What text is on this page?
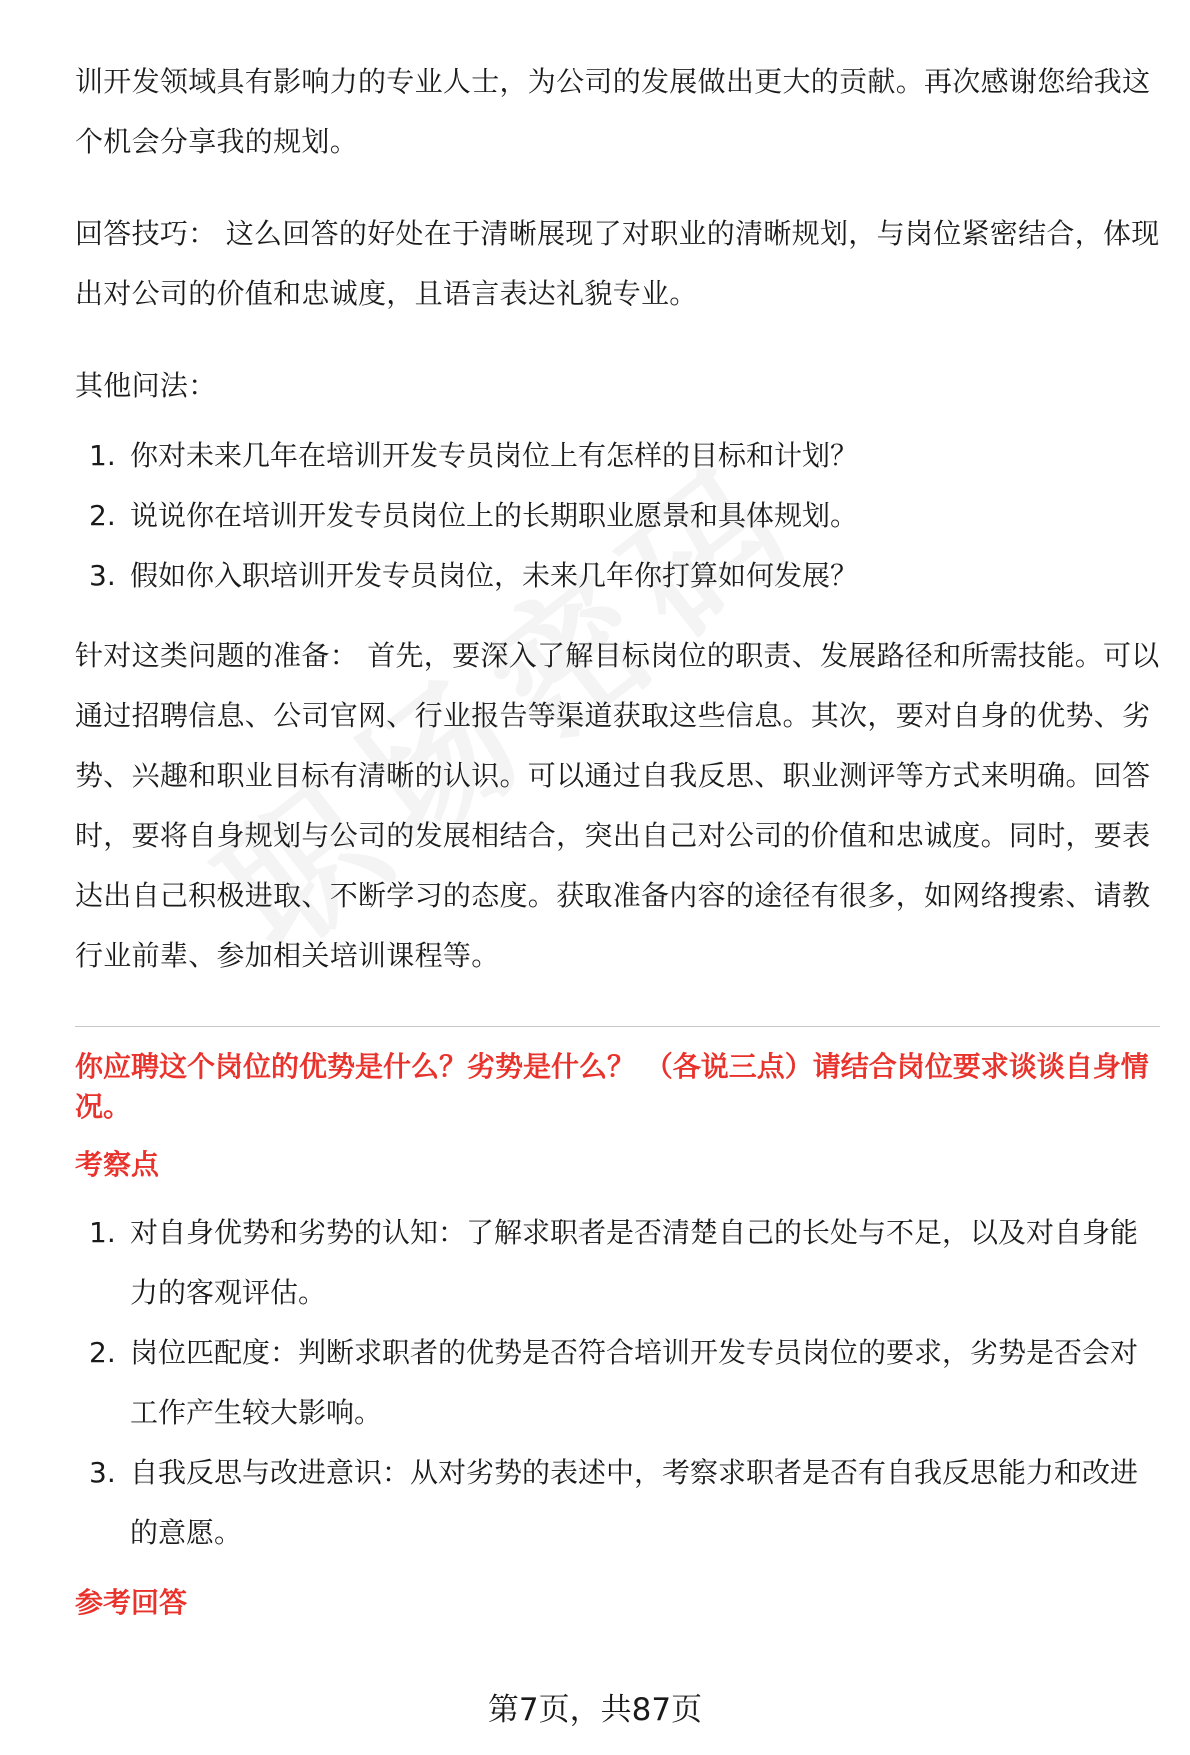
训开发领域具有影响力的专业人士，为公司的发展做出更大的贡献。再次感谢您给我这个机会分享我的规划。

回答技巧： 这么回答的好处在于清晰展现了对职业的清晰规划，与岗位紧密结合，体现出对公司的价值和忠诚度，且语言表达礼貌专业。

其他问法：

1. 你对未来几年在培训开发专员岗位上有怎样的目标和计划？
2. 说说你在培训开发专员岗位上的长期职业愿景和具体规划。
3. 假如你入职培训开发专员岗位，未来几年你打算如何发展？

针对这类问题的准备： 首先，要深入了解目标岗位的职责、发展路径和所需技能。可以通过招聘信息、公司官网、行业报告等渠道获取这些信息。其次，要对自身的优势、劣势、兴趣和职业目标有清晰的认识。可以通过自我反思、职业测评等方式来明确。回答时，要将自身规划与公司的发展相结合，突出自己对公司的价值和忠诚度。同时，要表达出自己积极进取、不断学习的态度。获取准备内容的途径有很多，如网络搜索、请教行业前辈、参加相关培训课程等。

你应聘这个岗位的优势是什么？劣势是什么？ （各说三点）请结合岗位要求谈谈自身情况。

考察点

1. 对自身优势和劣势的认知：了解求职者是否清楚自己的长处与不足，以及对自身能力的客观评估。
2. 岗位匹配度：判断求职者的优势是否符合培训开发专员岗位的要求，劣势是否会对工作产生较大影响。
3. 自我反思与改进意识：从对劣势的表述中，考察求职者是否有自我反思能力和改进的意愿。

参考回答

第7页，共87页
